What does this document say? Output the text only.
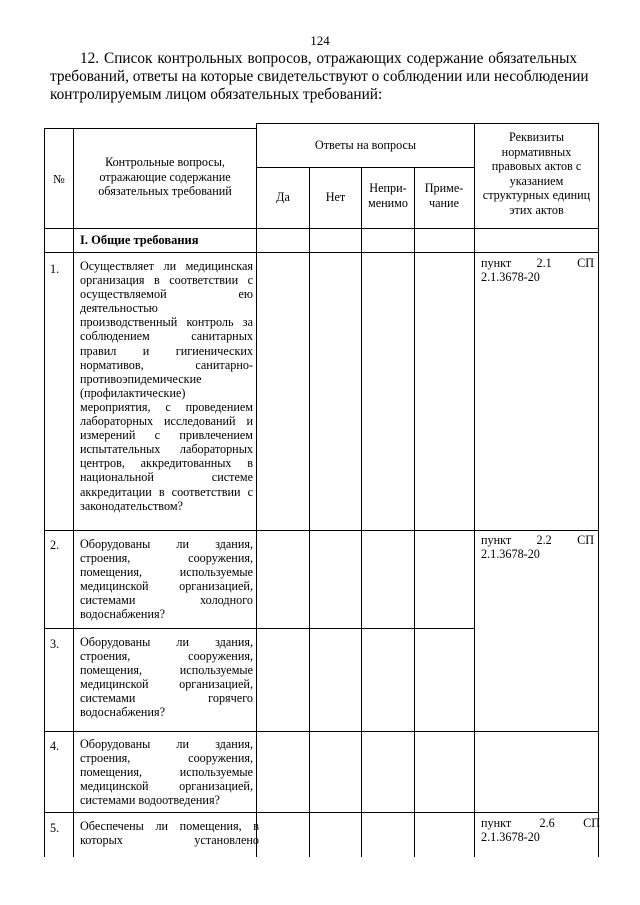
124
12. Список контрольных вопросов, отражающих содержание обязательных
требований, ответы на которые свидетельствуют о соблюдении или несоблюдении
контролируемым лицом обязательных требований:
№
Контрольные вопросы, отражающие содержание обязательных требований
Ответы на вопросы
Да	Нет
Непри-менимо
Приме-чание
Реквизиты нормативных правовых актов с указанием структурных единиц этих актов
I. Общие требования
1. Осуществляет ли медицинская организация в соответствии с осуществляемой ею деятельностью производственный контроль за соблюдением санитарных правил и гигиенических нормативов, санитарно-противоэпидемические (профилактические) мероприятия, с проведением лабораторных исследований и измерений с привлечением испытательных лабораторных центров, аккредитованных в национальной системе аккредитации в соответствии с законодательством?
пункт 2.1 СП
2.1.3678-20
2. Оборудованы ли здания, строения, сооружения, помещения, используемые медицинской организацией, системами холодного водоснабжения?
пункт 2.2 СП
2.1.3678-20
3. Оборудованы ли здания, строения, сооружения, помещения, используемые медицинской организацией, системами горячего водоснабжения?
4. Оборудованы ли здания, строения, сооружения, помещения, используемые медицинской организацией, системами водоотведения?
5. Обеспечены ли помещения, в которых установлено
пункт 2.6 СП
2.1.3678-20
